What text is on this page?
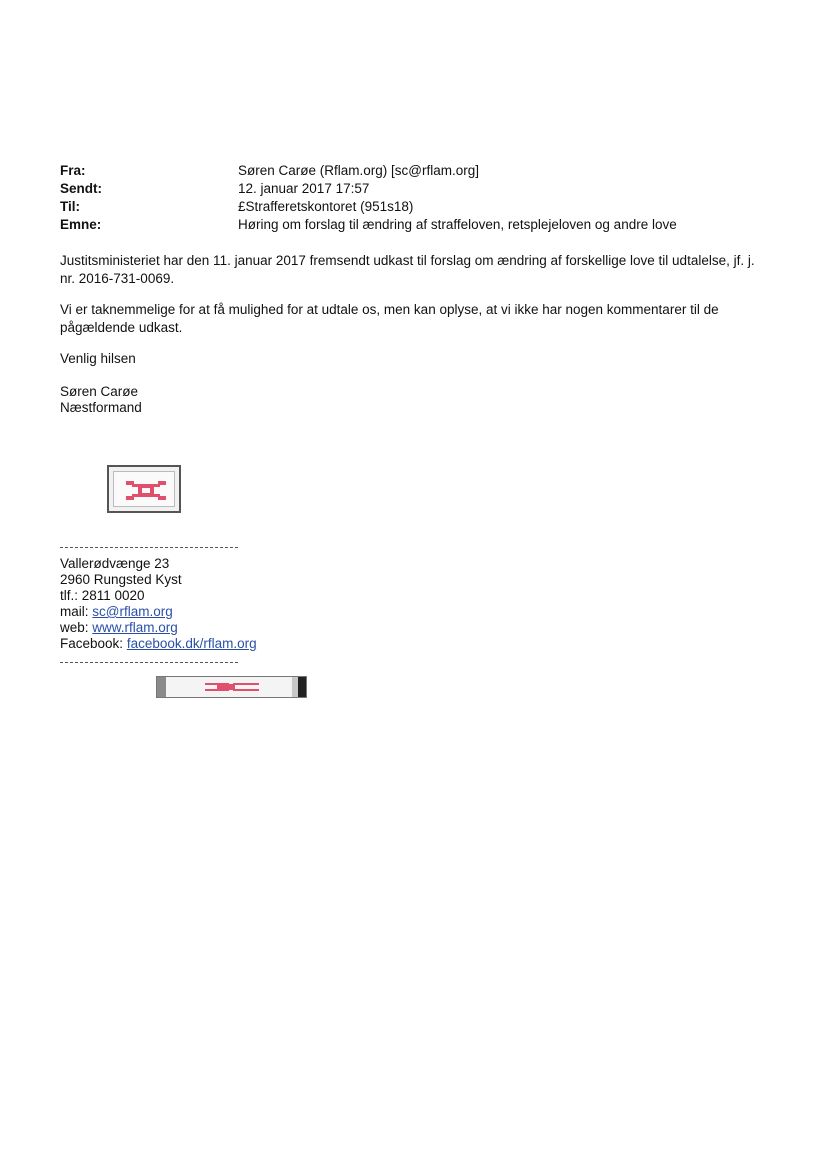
Fra:	Søren Carøe (Rflam.org) [sc@rflam.org]
Sendt:	12. januar 2017 17:57
Til:	£Strafferetskontoret (951s18)
Emne:	Høring om forslag til ændring af straffeloven, retsplejeloven og andre love
Justitsministeriet har den 11. januar 2017 fremsendt udkast til forslag om ændring af forskellige love til udtalelse, jf. j. nr. 2016-731-0069.
Vi er taknemmelige for at få mulighed for at udtale os, men kan oplyse, at vi ikke har nogen kommentarer til de pågældende udkast.
Venlig hilsen
Søren Carøe
Næstformand
Vallerødvænge 23
2960 Rungsted Kyst
tlf.: 2811 0020
mail: sc@rflam.org
web: www.rflam.org
Facebook: facebook.dk/rflam.org
